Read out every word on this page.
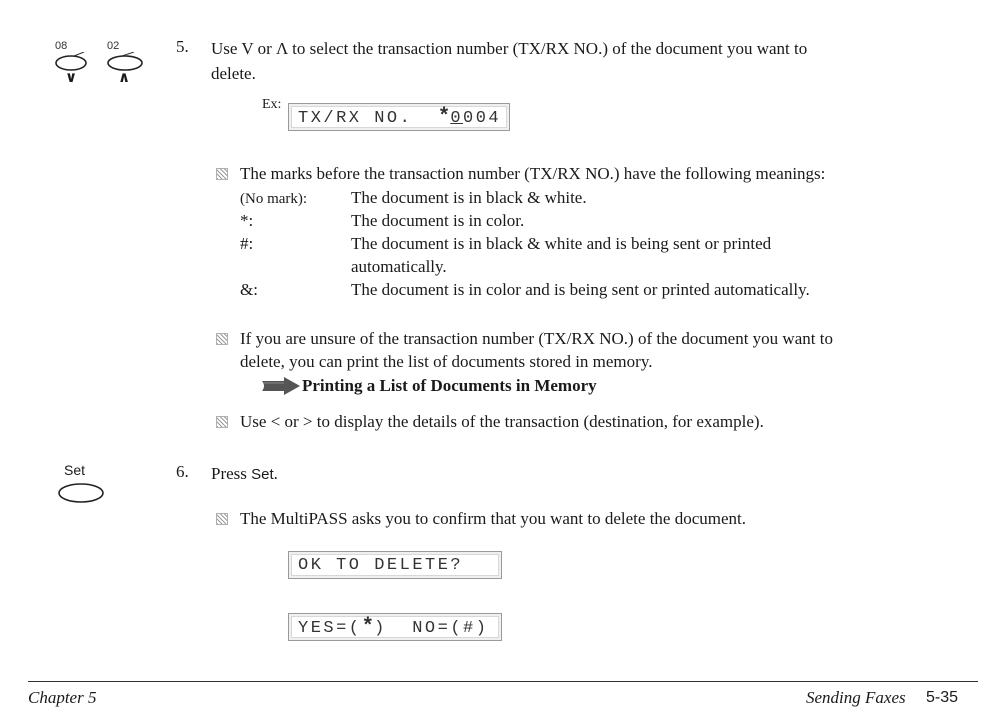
08
∨
02
∧
5. Use V or Λ to select the transaction number (TX/RX NO.) of the document you want to
delete.
Ex:
TX/RX NO.  *0004
The marks before the transaction number (TX/RX NO.) have the following meanings:
(No mark):	The document is in black & white.
*:	The document is in color.
#:	The document is in black & white and is being sent or printed
automatically.
&:	The document is in color and is being sent or printed automatically.
If you are unsure of the transaction number (TX/RX NO.) of the document you want to
delete, you can print the list of documents stored in memory.
Printing a List of Documents in Memory
Use < or > to display the details of the transaction (destination, for example).
Set	6. Press Set.
The MultiPASS asks you to confirm that you want to delete the document.
OK TO DELETE?
YES=(*)  NO=(#)
Chapter 5	Sending Faxes 5-35
